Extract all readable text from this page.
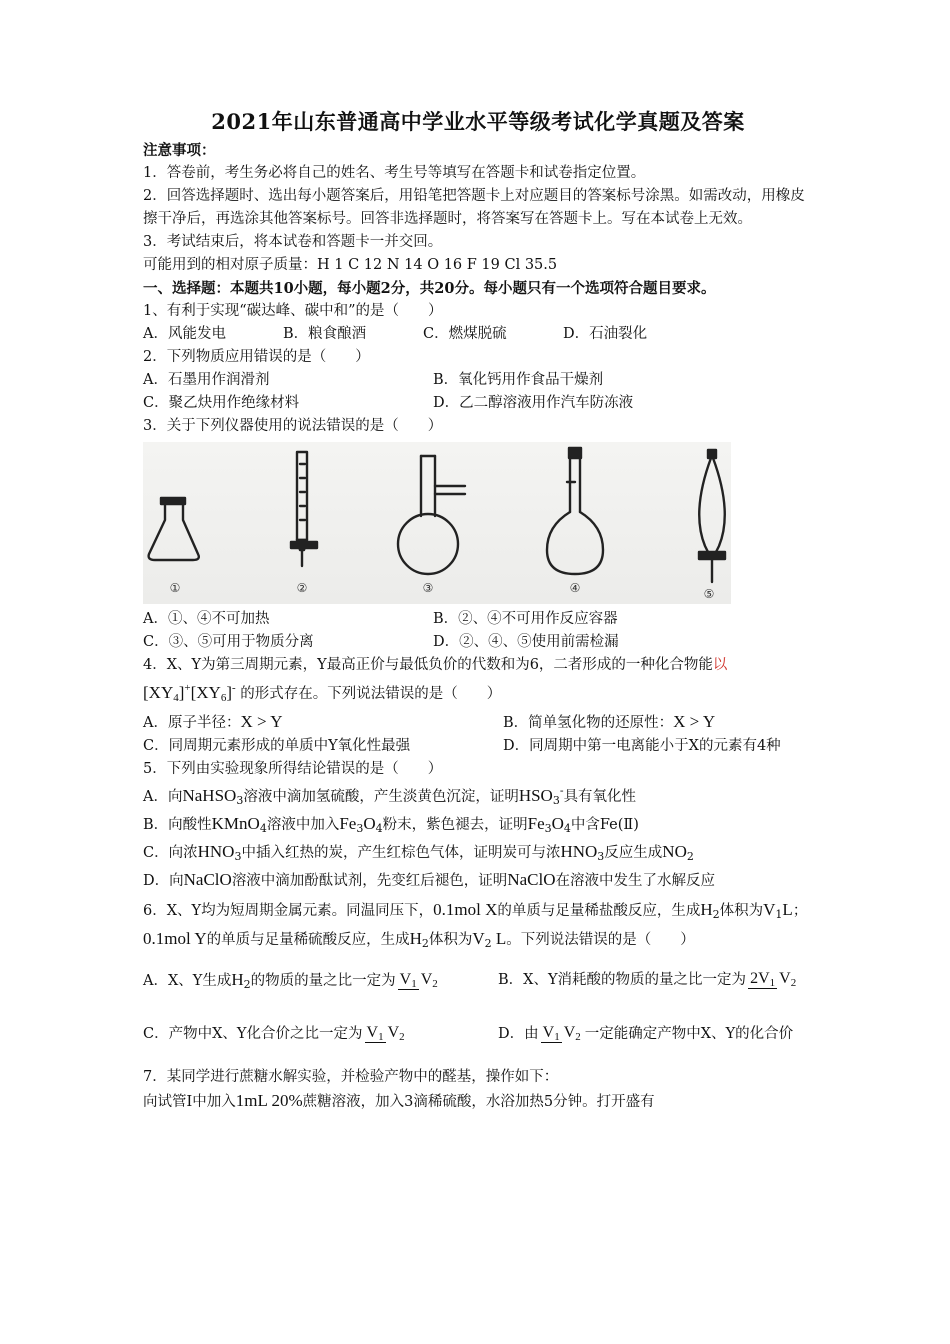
2021年山东普通高中学业水平等级考试化学真题及答案
注意事项：
1．答卷前，考生务必将自己的姓名、考生号等填写在答题卡和试卷指定位置。
2．回答选择题时、选出每小题答案后，用铅笔把答题卡上对应题目的答案标号涂黑。如需改动，用橡皮擦干净后，再选涂其他答案标号。回答非选择题时，将答案写在答题卡上。写在本试卷上无效。
3．考试结束后，将本试卷和答题卡一并交回。
可能用到的相对原子质量：H 1 C 12 N 14 O 16 F 19 Cl 35.5
一、选择题：本题共10小题，每小题2分，共20分。每小题只有一个选项符合题目要求。
1、有利于实现“碳达峰、碳中和”的是（　　）
A．风能发电	B．粮食酿酒	C．燃煤脱硫	D．石油裂化
2．下列物质应用错误的是（　　）
A．石墨用作润滑剂	B．氧化钙用作食品干燥剂
C．聚乙炔用作绝缘材料	D．乙二醇溶液用作汽车防冻液
3．关于下列仪器使用的说法错误的是（　　）
①	②	③	④	⑤
A．①、④不可加热	B．②、④不可用作反应容器
C．③、⑤可用于物质分离	D．②、④、⑤使用前需检漏
4．X、Y为第三周期元素，Y最高正价与最低负价的代数和为6，二者形成的一种化合物能以
$[XY_4]^+[XY_6]^-$ 的形式存在。下列说法错误的是（　　）
A．原子半径：X > Y	B．简单氢化物的还原性：X > Y
C．同周期元素形成的单质中Y氧化性最强	D．同周期中第一电离能小于X的元素有4种
5．下列由实验现象所得结论错误的是（　　）
A．向NaHSO$_3$溶液中滴加氢硫酸，产生淡黄色沉淀，证明$HSO_3^-$具有氧化性
B．向酸性KMnO$_4$溶液中加入$Fe_3O_4$粉末，紫色褪去，证明$Fe_3O_4$中含Fe(Ⅱ)
C．向浓$HNO_3$中插入红热的炭，产生红棕色气体，证明炭可与浓$HNO_3$反应生成$NO_2$
D．向NaClO溶液中滴加酚酞试剂，先变红后褪色，证明NaClO在溶液中发生了水解反应
6．X、Y均为短周期金属元素。同温同压下，0.1mol X的单质与足量稀盐酸反应，生成$H_2$体积为$V_1L$；0.1mol Y的单质与足量稀硫酸反应，生成$H_2$体积为$V_2$ L。下列说法错误的是（　　）
A．X、Y生成$H_2$的物质的量之比一定为 $V_1$ $V_2$	B．X、Y消耗酸的物质的量之比一定为 $2V_1$ $V_2$
C．产物中X、Y化合价之比一定为 $V_1$ $V_2$	D．由 $V_1$ $V_2$ 一定能确定产物中X、Y的化合价
7．某同学进行蔗糖水解实验，并检验产物中的醛基，操作如下：
向试管Ⅰ中加入1mL 20%蔗糖溶液，加入3滴稀硫酸，水浴加热5分钟。打开盛有
